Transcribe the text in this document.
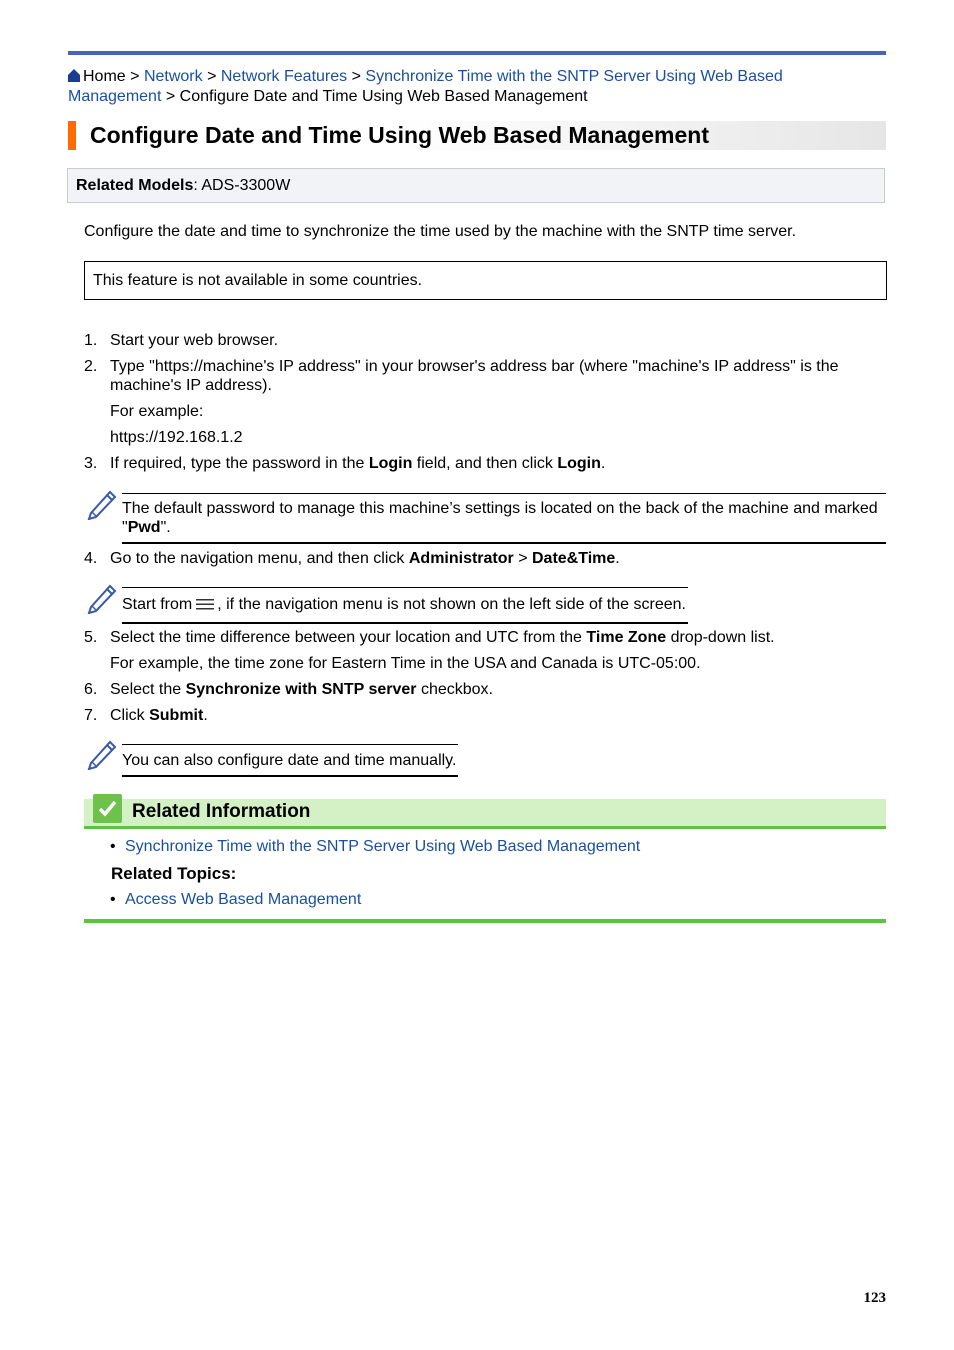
Home > Network > Network Features > Synchronize Time with the SNTP Server Using Web Based
Management > Configure Date and Time Using Web Based Management
Configure Date and Time Using Web Based Management
Related Models: ADS-3300W
Configure the date and time to synchronize the time used by the machine with the SNTP time server.
This feature is not available in some countries.
1. Start your web browser.
2. Type "https://machine's IP address" in your browser's address bar (where "machine's IP address" is the machine's IP address).
For example:
https://192.168.1.2
3. If required, type the password in the Login field, and then click Login.
The default password to manage this machine’s settings is located on the back of the machine and marked "Pwd".
4. Go to the navigation menu, and then click Administrator > Date&Time.
Start from , if the navigation menu is not shown on the left side of the screen.
5. Select the time difference between your location and UTC from the Time Zone drop-down list.
For example, the time zone for Eastern Time in the USA and Canada is UTC-05:00.
6. Select the Synchronize with SNTP server checkbox.
7. Click Submit.
You can also configure date and time manually.
Related Information
• Synchronize Time with the SNTP Server Using Web Based Management
Related Topics:
• Access Web Based Management
123
